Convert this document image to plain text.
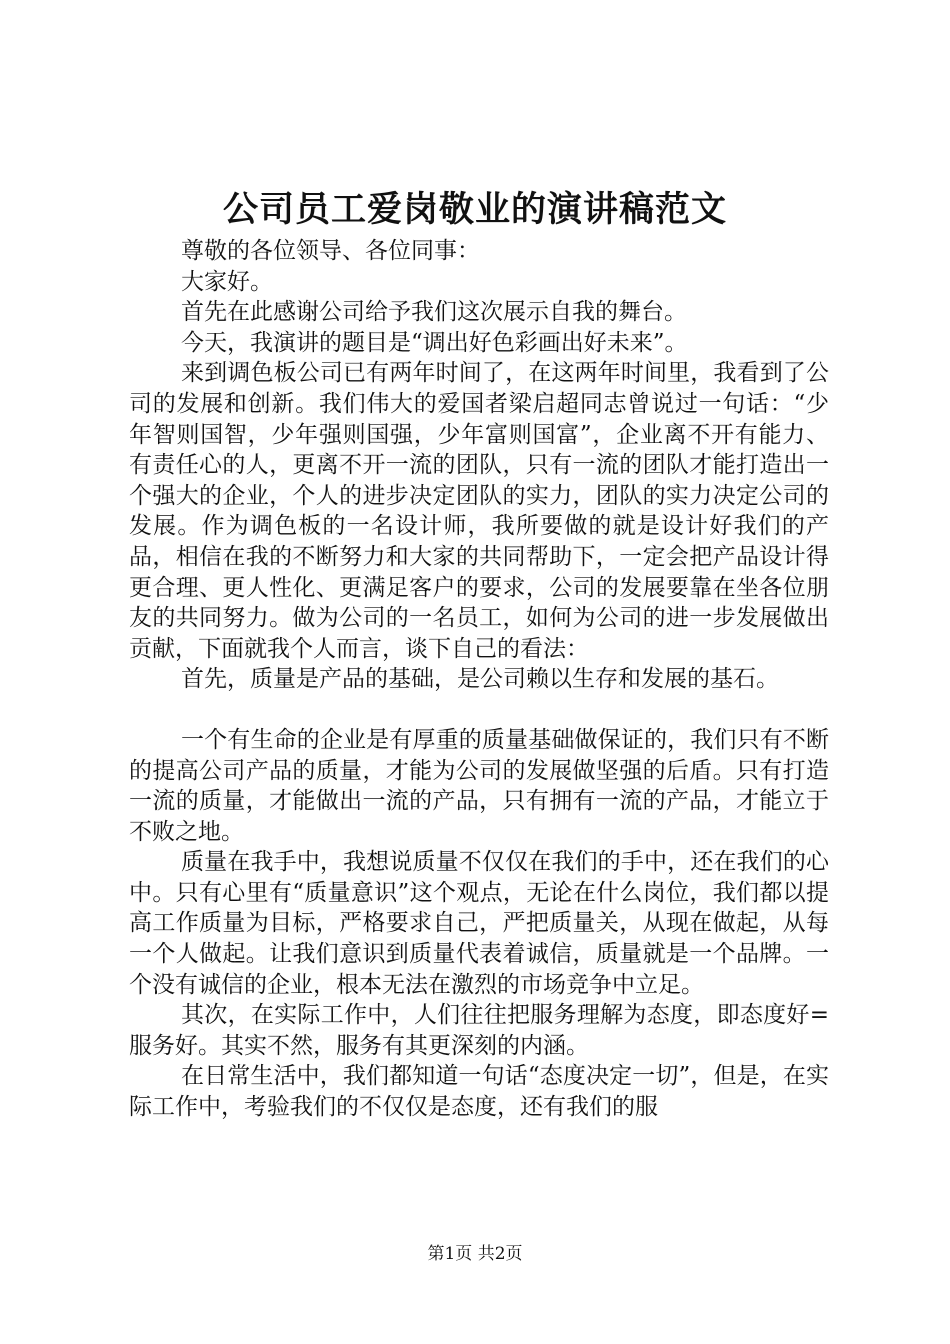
公司员工爱岗敬业的演讲稿范文

尊敬的各位领导、各位同事：

大家好。

首先在此感谢公司给予我们这次展示自我的舞台。

今天，我演讲的题目是“调出好色彩画出好未来”。

来到调色板公司已有两年时间了，在这两年时间里，我看到了公司的发展和创新。我们伟大的爱国者梁启超同志曾说过一句话：“少年智则国智，少年强则国强，少年富则国富”，企业离不开有能力、有责任心的人，更离不开一流的团队，只有一流的团队才能打造出一个强大的企业，个人的进步决定团队的实力，团队的实力决定公司的发展。作为调色板的一名设计师，我所要做的就是设计好我们的产品，相信在我的不断努力和大家的共同帮助下，一定会把产品设计得更合理、更人性化、更满足客户的要求，公司的发展要靠在坐各位朋友的共同努力。做为公司的一名员工，如何为公司的进一步发展做出贡献，下面就我个人而言，谈下自己的看法：

首先，质量是产品的基础，是公司赖以生存和发展的基石。

一个有生命的企业是有厚重的质量基础做保证的，我们只有不断的提高公司产品的质量，才能为公司的发展做坚强的后盾。只有打造一流的质量，才能做出一流的产品，只有拥有一流的产品，才能立于不败之地。

质量在我手中，我想说质量不仅仅在我们的手中，还在我们的心中。只有心里有“质量意识”这个观点，无论在什么岗位，我们都以提高工作质量为目标，严格要求自己，严把质量关，从现在做起，从每一个人做起。让我们意识到质量代表着诚信，质量就是一个品牌。一个没有诚信的企业，根本无法在激烈的市场竞争中立足。

其次，在实际工作中，人们往往把服务理解为态度，即态度好=服务好。其实不然，服务有其更深刻的内涵。

在日常生活中，我们都知道一句话“态度决定一切”，但是，在实际工作中，考验我们的不仅仅是态度，还有我们的服

第1页 共2页
